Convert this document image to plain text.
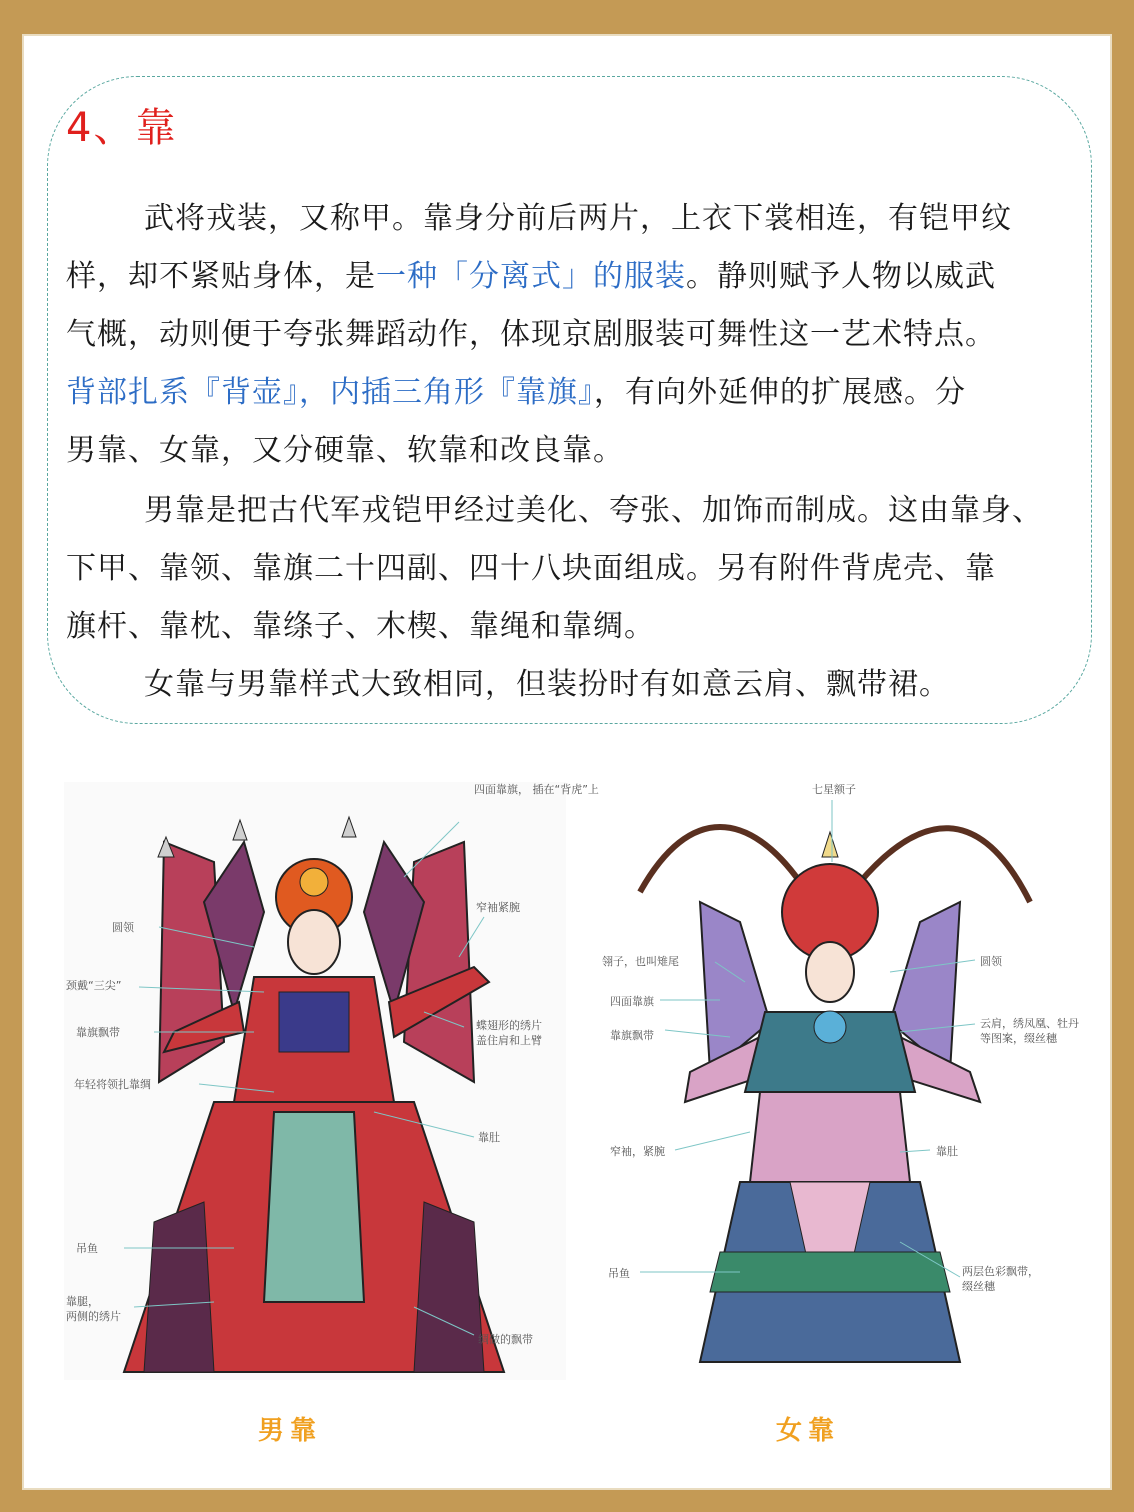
4、靠
武将戎装，又称甲。靠身分前后两片，上衣下裳相连，有铠甲纹
样，却不紧贴身体，是一种「分离式」的服装。静则赋予人物以威武
气概，动则便于夸张舞蹈动作，体现京剧服装可舞性这一艺术特点。
背部扎系『背壶』，内插三角形『靠旗』，有向外延伸的扩展感。分
男靠、女靠，又分硬靠、软靠和改良靠。
男靠是把古代军戎铠甲经过美化、夸张、加饰而制成。这由靠身、
下甲、靠领、靠旗二十四副、四十八块面组成。另有附件背虎壳、靠
旗杆、靠枕、靠绦子、木楔、靠绳和靠绸。
女靠与男靠样式大致相同，但装扮时有如意云肩、飘带裙。
四面靠旗， 插在“背虎”上
圆领
窄袖紧腕
颈戴“三尖”
靠旗飘带
蝶翅形的绣片
盖住肩和上臂
年轻将领扎靠绸
靠肚
吊鱼
靠腿，
两侧的绣片
绸做的飘带
男靠
七星额子
翎子，也叫雉尾	圆领
四面靠旗
靠旗飘带
云肩，绣凤凰、牡丹
等图案，缀丝穗
窄袖，紧腕	靠肚
吊鱼	两层色彩飘带，
缀丝穗
女靠
